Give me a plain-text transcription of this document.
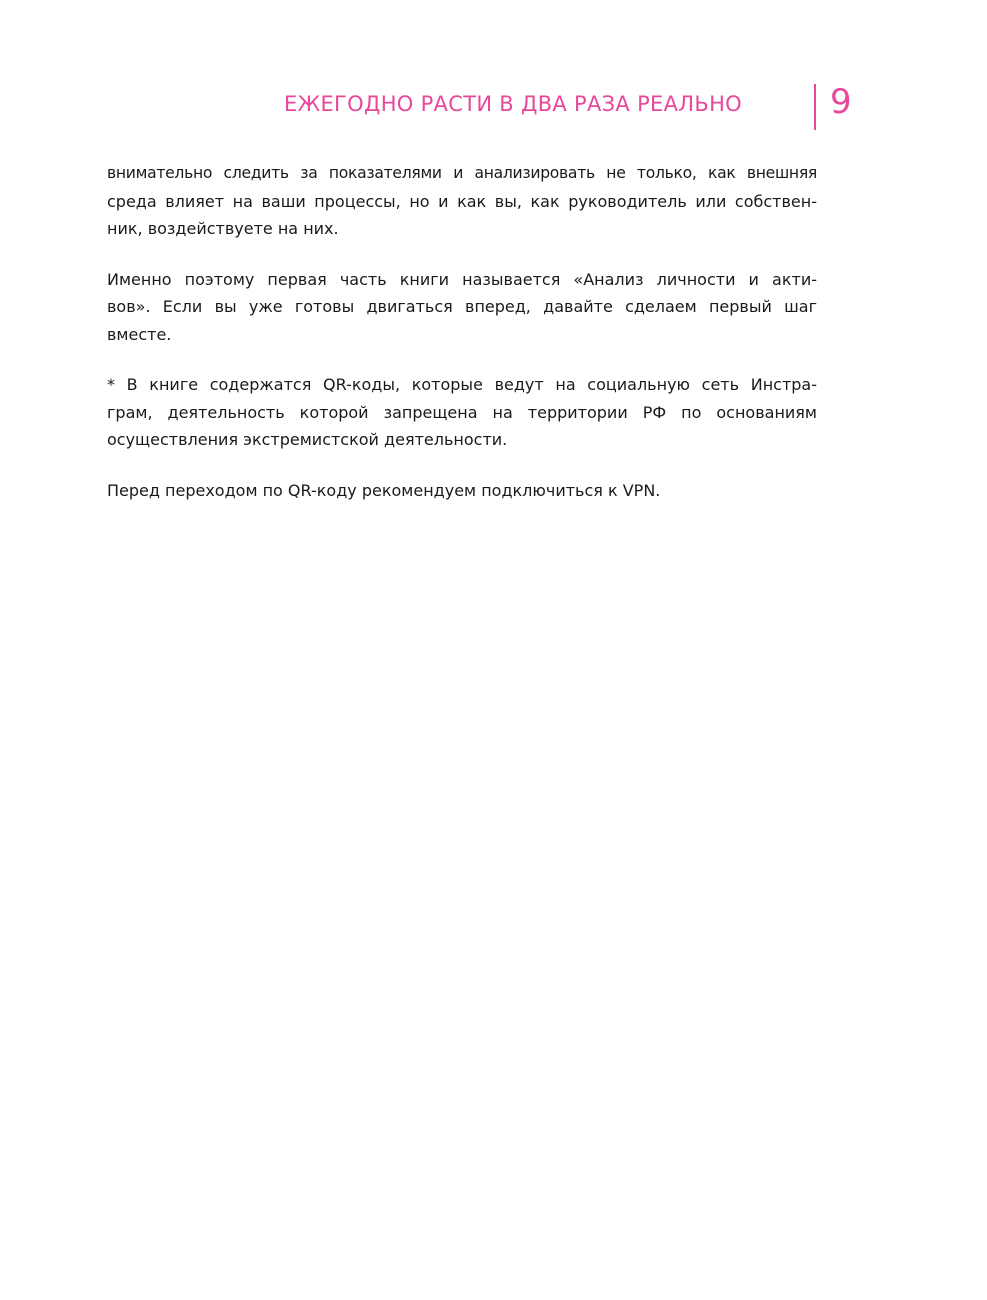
ЕЖЕГОДНО РАСТИ В ДВА РАЗА РЕАЛЬНО	9
внимательно следить за показателями и анализировать не только, как внешняя
среда влияет на ваши процессы, но и как вы, как руководитель или собствен-
ник, воздействуете на них.
Именно поэтому первая часть книги называется «Анализ личности и акти-
вов». Если вы уже готовы двигаться вперед, давайте сделаем первый шаг
вместе.
* В книге содержатся QR-коды, которые ведут на социальную сеть Инстра-
грам, деятельность которой запрещена на территории РФ по основаниям
осуществления экстремистской деятельности.
Перед переходом по QR-коду рекомендуем подключиться к VPN.
